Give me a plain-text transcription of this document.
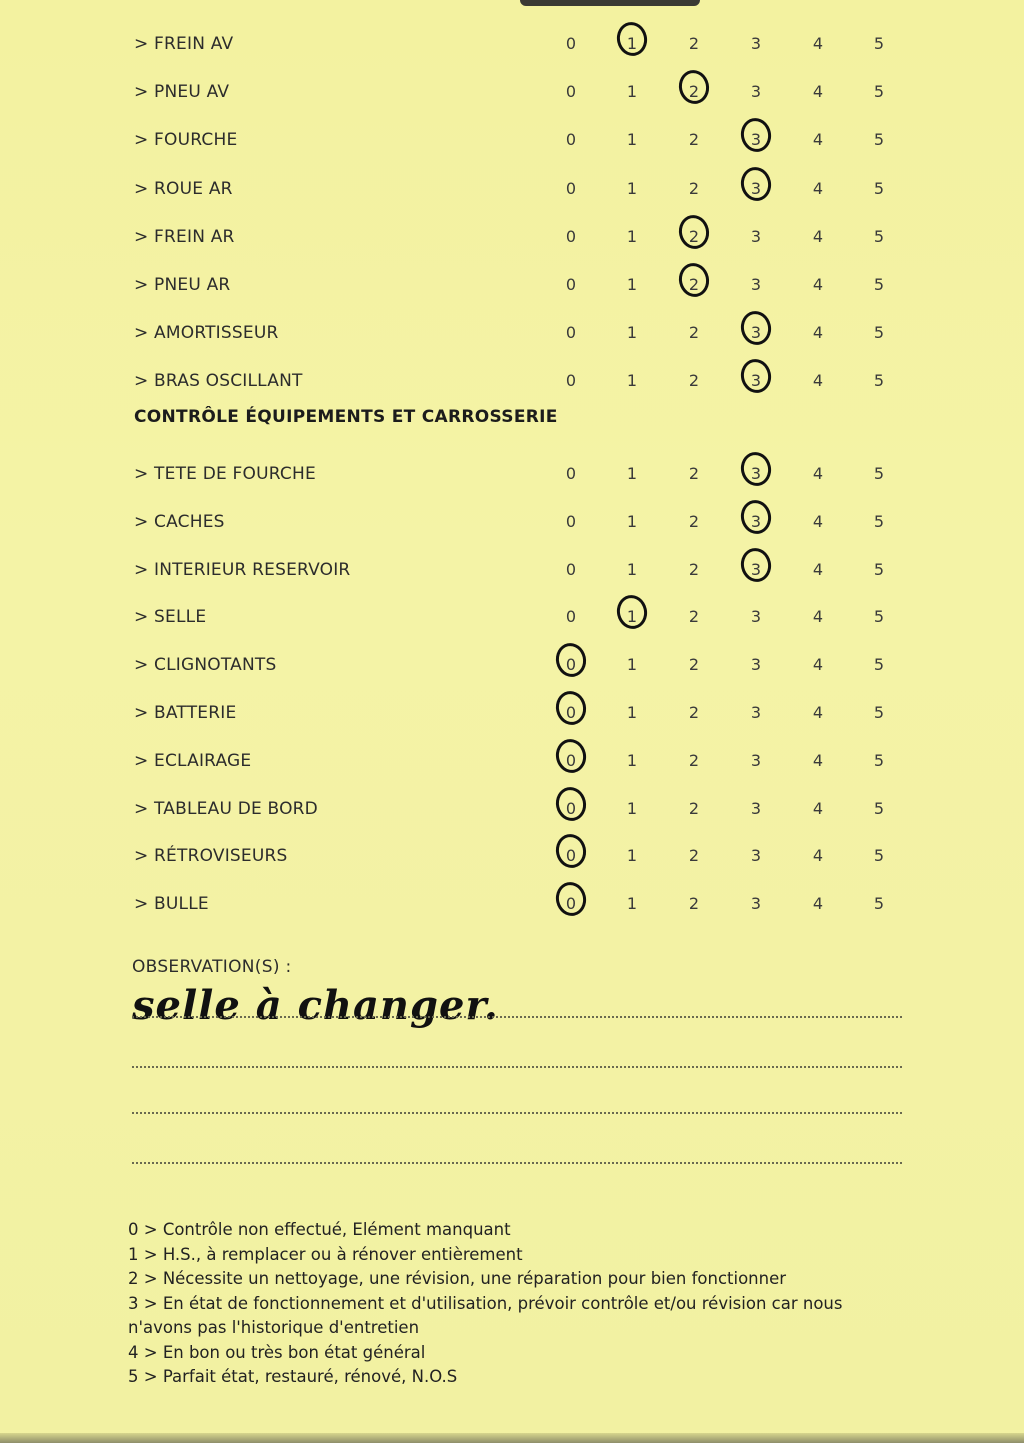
> FREIN AV	0	1	2	3	4	5
> PNEU AV	0	1	2	3	4	5
> FOURCHE	0	1	2	3	4	5
> ROUE AR	0	1	2	3	4	5
> FREIN AR	0	1	2	3	4	5
> PNEU AR	0	1	2	3	4	5
> AMORTISSEUR	0	1	2	3	4	5
> BRAS OSCILLANT	0	1	2	3	4	5
CONTRÔLE ÉQUIPEMENTS ET CARROSSERIE
> TETE DE FOURCHE	0	1	2	3	4	5
> CACHES	0	1	2	3	4	5
> INTERIEUR RESERVOIR	0	1	2	3	4	5
> SELLE	0	1	2	3	4	5
> CLIGNOTANTS	0	1	2	3	4	5
> BATTERIE	0	1	2	3	4	5
> ECLAIRAGE	0	1	2	3	4	5
> TABLEAU DE BORD	0	1	2	3	4	5
> RÉTROVISEURS	0	1	2	3	4	5
> BULLE	0	1	2	3	4	5
OBSERVATION(S) :
selle à changer.
0 > Contrôle non effectué, Elément manquant
1 > H.S., à remplacer ou à rénover entièrement
2 > Nécessite un nettoyage, une révision, une réparation pour bien fonctionner
3 > En état de fonctionnement et d'utilisation, prévoir contrôle et/ou révision car nous
n'avons pas l'historique d'entretien
4 > En bon ou très bon état général
5 > Parfait état, restauré, rénové, N.O.S
